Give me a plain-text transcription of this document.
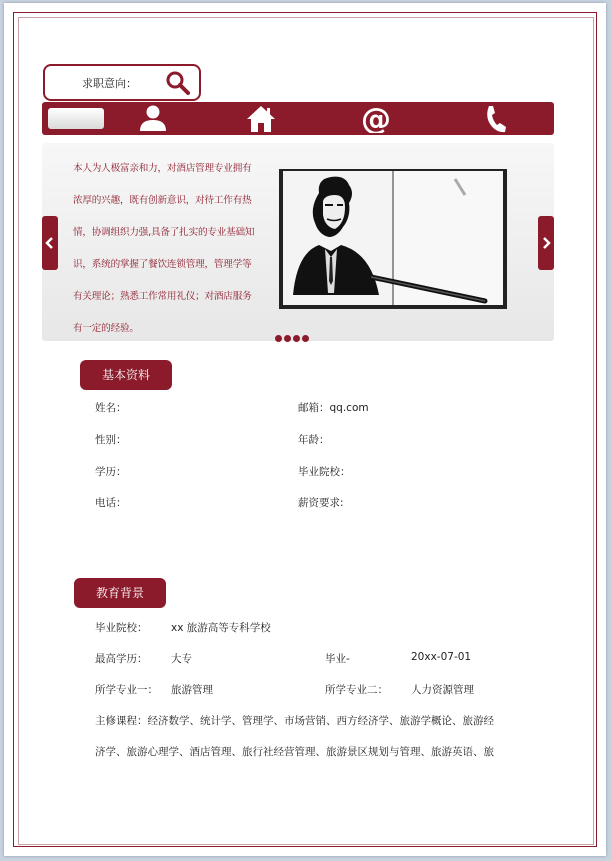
求职意向：
@
本人为人极富亲和力，对酒店管理专业拥有
浓厚的兴趣，既有创新意识，对待工作有热
情，协调组织力强,具备了扎实的专业基础知
识，系统的掌握了餐饮连锁管理，管理学等
有关理论；熟悉工作常用礼仪；对酒店服务
有一定的经验。
基本资料
姓名：	邮箱：qq.com
性别：	年龄：
学历：	毕业院校：
电话：	薪资要求:
教育背景
毕业院校： xx 旅游高等专科学校
最高学历： 大专	毕业-	20xx-07-01
所学专业一： 旅游管理	所学专业二： 人力资源管理
主修课程：经济数学、统计学、管理学、市场营销、西方经济学、旅游学概论、旅游经
济学、旅游心理学、酒店管理、旅行社经营管理、旅游景区规划与管理、旅游英语、旅
